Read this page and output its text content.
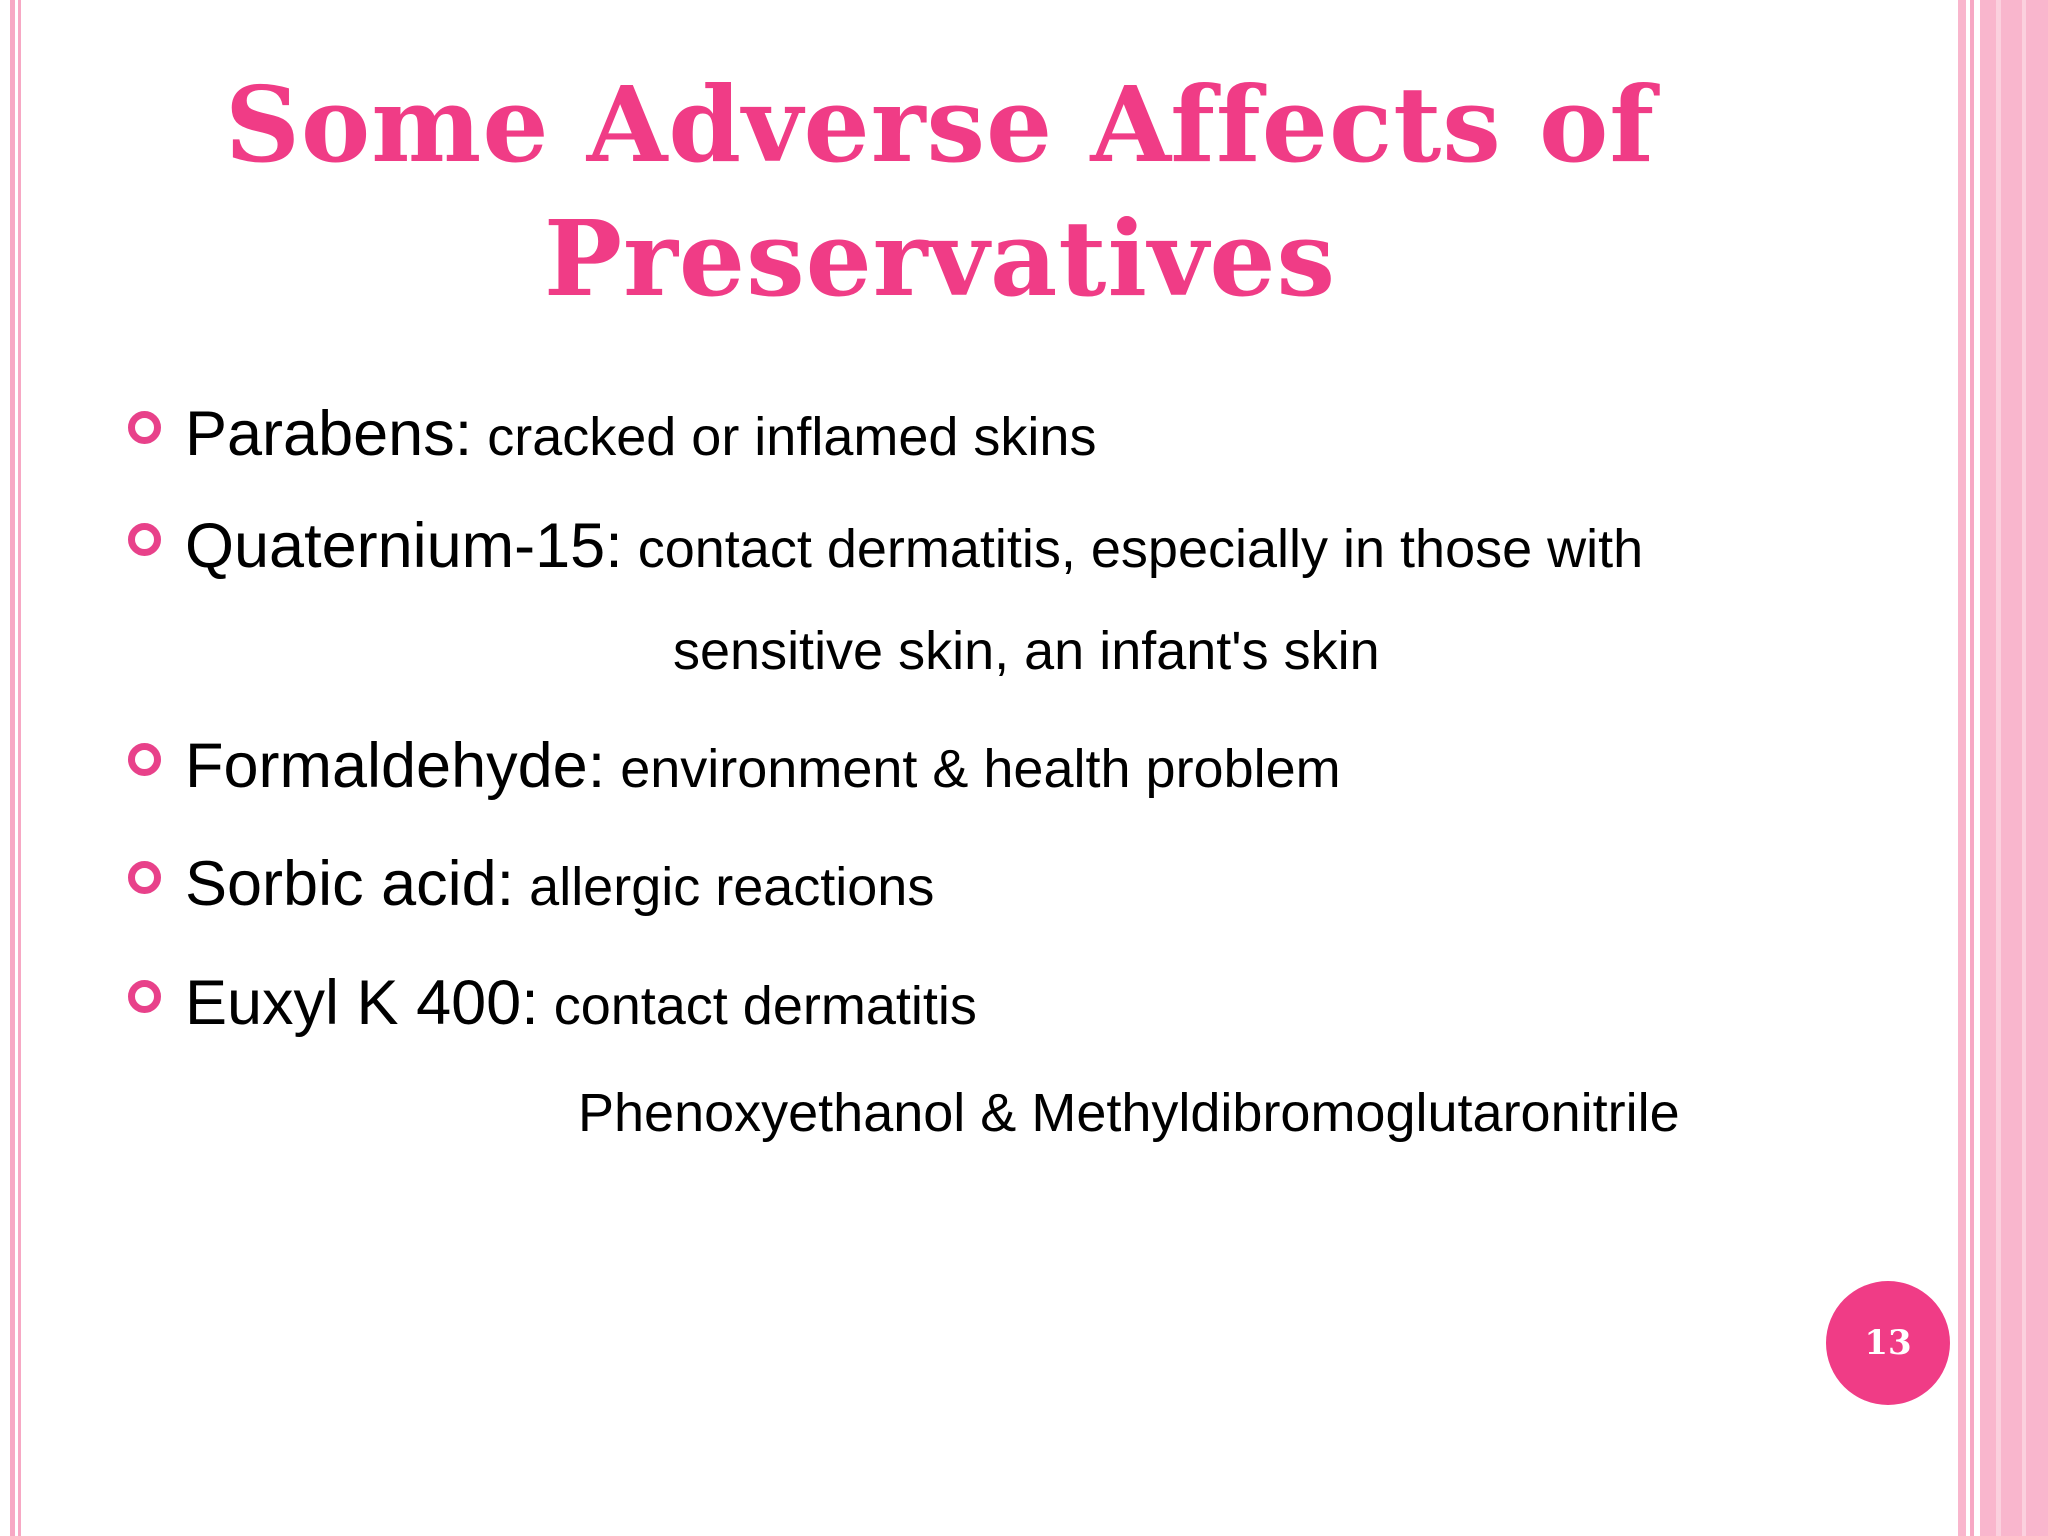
Some Adverse Affects of
Preservatives
Parabens: cracked or inflamed skins
Quaternium-15: contact dermatitis, especially in those with
sensitive skin, an infant's skin
Formaldehyde: environment & health problem
Sorbic acid: allergic reactions
Euxyl K 400: contact dermatitis
Phenoxyethanol & Methyldibromoglutaronitrile
13
